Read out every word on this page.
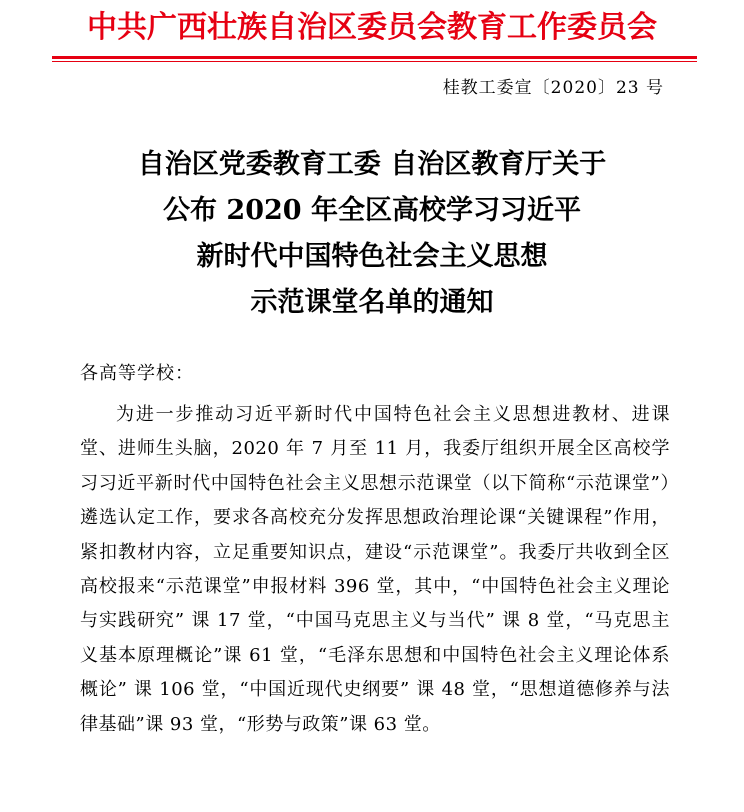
中共广西壮族自治区委员会教育工作委员会
桂教工委宣〔2020〕23 号
自治区党委教育工委 自治区教育厅关于
公布 2020 年全区高校学习习近平
新时代中国特色社会主义思想
示范课堂名单的通知
各高等学校：

为进一步推动习近平新时代中国特色社会主义思想进教材、进课堂、进师生头脑，2020 年 7 月至 11 月，我委厅组织开展全区高校学习习近平新时代中国特色社会主义思想示范课堂（以下简称“示范课堂”）遴选认定工作，要求各高校充分发挥思想政治理论课“关键课程”作用，紧扣教材内容，立足重要知识点，建设“示范课堂”。我委厅共收到全区高校报来“示范课堂”申报材料 396 堂，其中，“中国特色社会主义理论与实践研究” 课 17 堂，“中国马克思主义与当代” 课 8 堂，“马克思主义基本原理概论”课 61 堂，“毛泽东思想和中国特色社会主义理论体系概论” 课 106 堂，“中国近现代史纲要” 课 48 堂，“思想道德修养与法律基础”课 93 堂，“形势与政策”课 63 堂。
